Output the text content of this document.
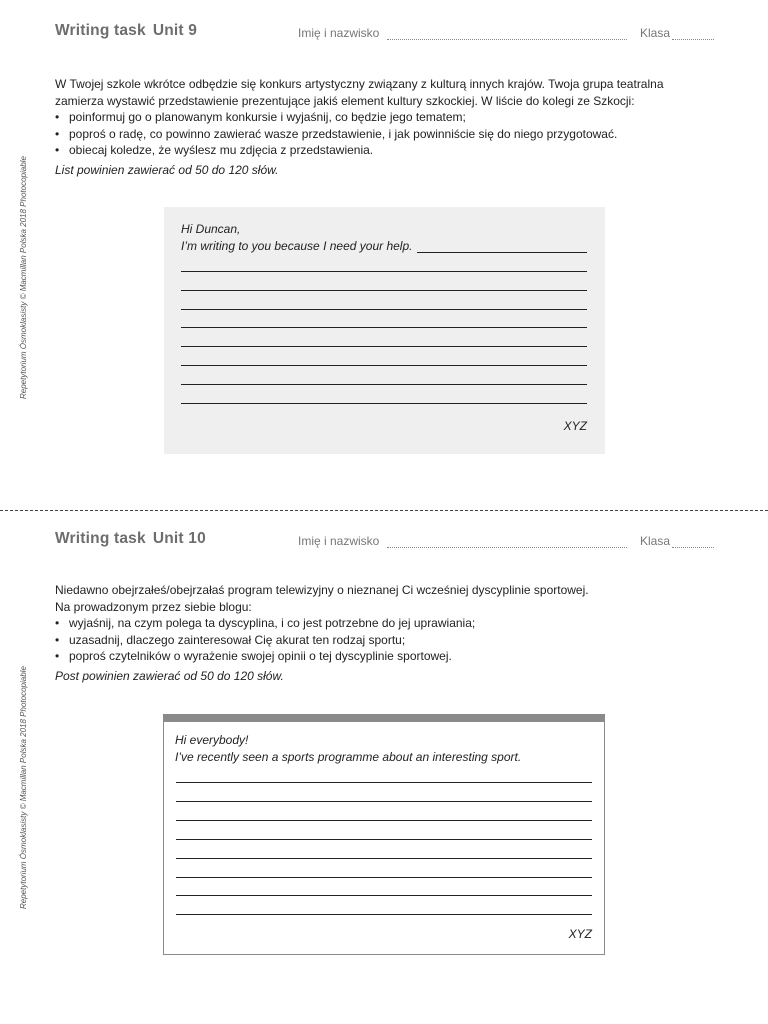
Repetytorium Ósmoklasisty © Macmillan Polska 2018 Photocopiable
Writing task Unit 9	Imię i nazwisko	Klasa

W Twojej szkole wkrótce odbędzie się konkurs artystyczny związany z kulturą innych krajów. Twoja grupa teatralna

zamierza wystawić przedstawienie prezentujące jakiś element kultury szkockiej. W liście do kolegi ze Szkocji:

• poinformuj go o planowanym konkursie i wyjaśnij, co będzie jego tematem;
• poproś o radę, co powinno zawierać wasze przedstawienie, i jak powinniście się do niego przygotować.
• obiecaj koledze, że wyślesz mu zdjęcia z przedstawienia.

List powinien zawierać od 50 do 120 słów.

Hi Duncan,
I’m writing to you because I need your help.
XYZ
Repetytorium Ósmoklasisty © Macmillan Polska 2018 Photocopiable
Writing task Unit 10	Imię i nazwisko	Klasa

Niedawno obejrzałeś/obejrzałaś program telewizyjny o nieznanej Ci wcześniej dyscyplinie sportowej.

Na prowadzonym przez siebie blogu:

• wyjaśnij, na czym polega ta dyscyplina, i co jest potrzebne do jej uprawiania;
• uzasadnij, dlaczego zainteresował Cię akurat ten rodzaj sportu;
• poproś czytelników o wyrażenie swojej opinii o tej dyscyplinie sportowej.

Post powinien zawierać od 50 do 120 słów.

Hi everybody!
I’ve recently seen a sports programme about an interesting sport.
XYZ
